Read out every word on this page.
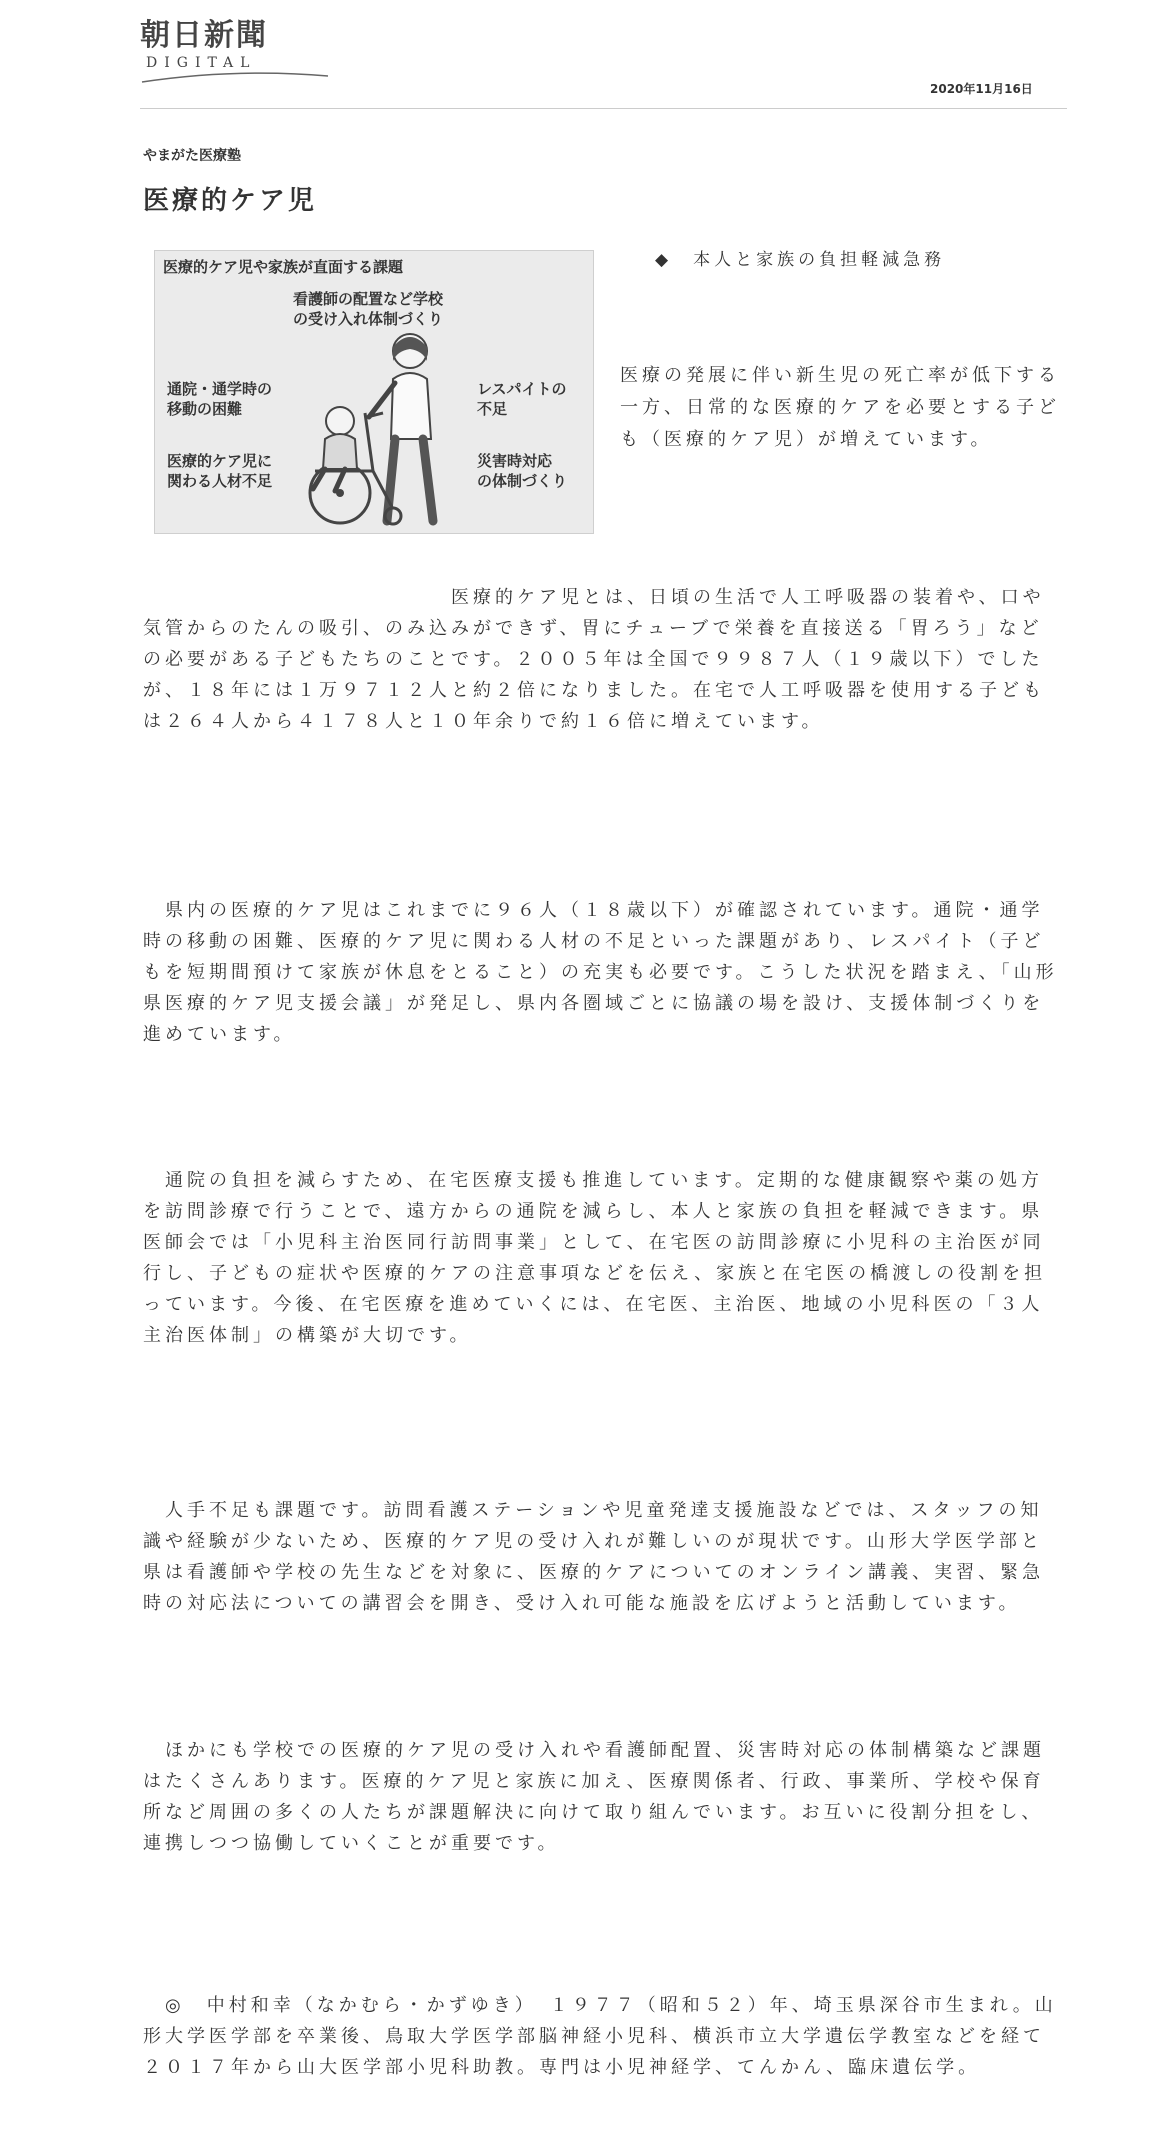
朝日新聞
DIGITAL
2020年11月16日
やまがた医療塾
医療的ケア児
医療的ケア児や家族が直面する課題
看護師の配置など学校
の受け入れ体制づくり
通院・通学時の
移動の困難
医療的ケア児に
関わる人材不足
レスパイトの
不足
災害時対応
の体制づくり
◆　本人と家族の負担軽減急務
医療の発展に伴い新生児の死亡率が低下する一方、日常的な医療的ケアを必要とする子ども（医療的ケア児）が増えています。
　　　　　　　　　　　　　　医療的ケア児とは、日頃の生活で人工呼吸器の装着や、口や気管からのたんの吸引、のみ込みができず、胃にチューブで栄養を直接送る「胃ろう」などの必要がある子どもたちのことです。２００５年は全国で９９８７人（１９歳以下）でしたが、１８年には１万９７１２人と約２倍になりました。在宅で人工呼吸器を使用する子どもは２６４人から４１７８人と１０年余りで約１６倍に増えています。
　県内の医療的ケア児はこれまでに９６人（１８歳以下）が確認されています。通院・通学時の移動の困難、医療的ケア児に関わる人材の不足といった課題があり、レスパイト（子どもを短期間預けて家族が休息をとること）の充実も必要です。こうした状況を踏まえ、「山形県医療的ケア児支援会議」が発足し、県内各圏域ごとに協議の場を設け、支援体制づくりを進めています。
　通院の負担を減らすため、在宅医療支援も推進しています。定期的な健康観察や薬の処方を訪問診療で行うことで、遠方からの通院を減らし、本人と家族の負担を軽減できます。県医師会では「小児科主治医同行訪問事業」として、在宅医の訪問診療に小児科の主治医が同行し、子どもの症状や医療的ケアの注意事項などを伝え、家族と在宅医の橋渡しの役割を担っています。今後、在宅医療を進めていくには、在宅医、主治医、地域の小児科医の「３人主治医体制」の構築が大切です。
　人手不足も課題です。訪問看護ステーションや児童発達支援施設などでは、スタッフの知識や経験が少ないため、医療的ケア児の受け入れが難しいのが現状です。山形大学医学部と県は看護師や学校の先生などを対象に、医療的ケアについてのオンライン講義、実習、緊急時の対応法についての講習会を開き、受け入れ可能な施設を広げようと活動しています。
　ほかにも学校での医療的ケア児の受け入れや看護師配置、災害時対応の体制構築など課題はたくさんあります。医療的ケア児と家族に加え、医療関係者、行政、事業所、学校や保育所など周囲の多くの人たちが課題解決に向けて取り組んでいます。お互いに役割分担をし、連携しつつ協働していくことが重要です。
　◎　中村和幸（なかむら・かずゆき）　１９７７（昭和５２）年、埼玉県深谷市生まれ。山形大学医学部を卒業後、鳥取大学医学部脳神経小児科、横浜市立大学遺伝学教室などを経て２０１７年から山大医学部小児科助教。専門は小児神経学、てんかん、臨床遺伝学。
